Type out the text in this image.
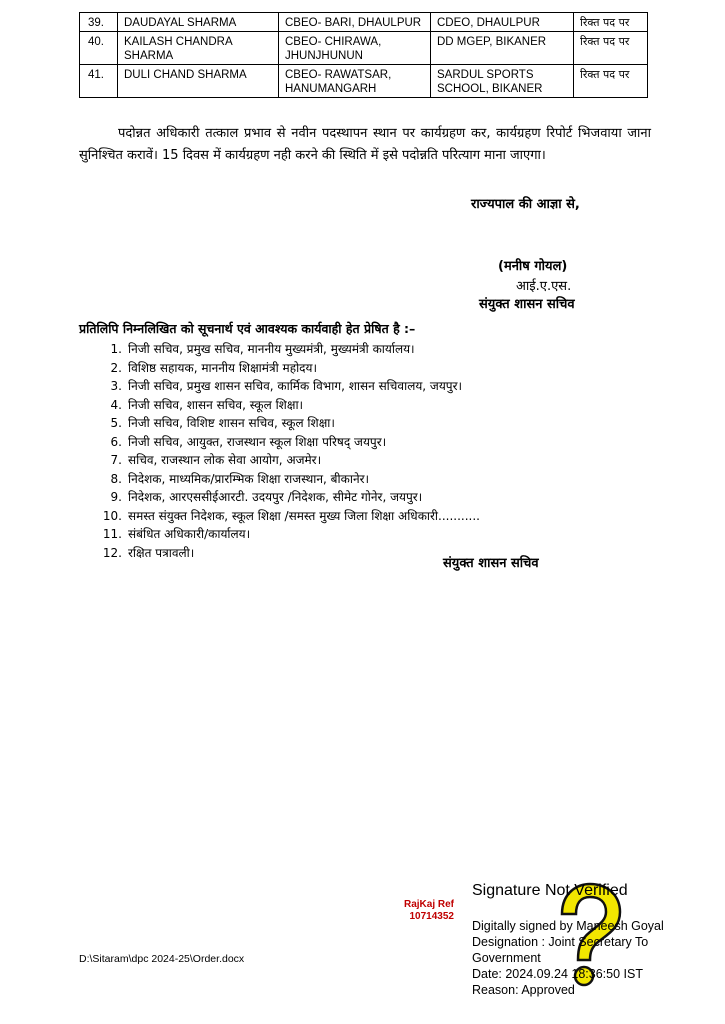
39.	DAUDAYAL SHARMA	CBEO- BARI, DHAULPUR	CDEO, DHAULPUR	रिक्त पद पर
40.	KAILASH CHANDRA SHARMA	CBEO- CHIRAWA, JHUNJHUNUN	DD MGEP, BIKANER	रिक्त पद पर
41.	DULI CHAND SHARMA	CBEO- RAWATSAR, HANUMANGARH	SARDUL SPORTS SCHOOL, BIKANER	रिक्त पद पर
पदोन्नत अधिकारी तत्काल प्रभाव से नवीन पदस्थापन स्थान पर कार्यग्रहण कर, कार्यग्रहण रिपोर्ट भिजवाया जाना सुनिश्चित करावें। 15 दिवस में कार्यग्रहण नही करने की स्थिति में इसे पदोन्नति परित्याग माना जाएगा।
राज्यपाल की आज्ञा से,
(मनीष गोयल)
आई.ए.एस.
संयुक्त शासन सचिव
प्रतिलिपि निम्नलिखित को सूचनार्थ एवं आवश्यक कार्यवाही हेत प्रेषित है :–
1. निजी सचिव, प्रमुख सचिव, माननीय मुख्यमंत्री, मुख्यमंत्री कार्यालय।
2. विशिष्ठ सहायक, माननीय शिक्षामंत्री महोदय।
3. निजी सचिव, प्रमुख शासन सचिव, कार्मिक विभाग, शासन सचिवालय, जयपुर।
4. निजी सचिव, शासन सचिव, स्कूल शिक्षा।
5. निजी सचिव, विशिष्ट शासन सचिव, स्कूल शिक्षा।
6. निजी सचिव, आयुक्त, राजस्थान स्कूल शिक्षा परिषद् जयपुर।
7. सचिव, राजस्थान लोक सेवा आयोग, अजमेर।
8. निदेशक, माध्यमिक/प्रारम्भिक शिक्षा राजस्थान, बीकानेर।
9. निदेशक, आरएससीईआरटी. उदयपुर /निदेशक, सीमेट गोनेर, जयपुर।
10. समस्त संयुक्त निदेशक, स्कूल शिक्षा /समस्त मुख्य जिला शिक्षा अधिकारी...........
11. संबंधित अधिकारी/कार्यालय।
12. रक्षित पत्रावली।
संयुक्त शासन सचिव
RajKaj Ref
10714352
Signature Not Verified
Digitally signed by Maneesh Goyal
Designation : Joint Secretary To
Government
Date: 2024.09.24 18:36:50 IST
Reason: Approved
D:\Sitaram\dpc 2024-25\Order.docx
